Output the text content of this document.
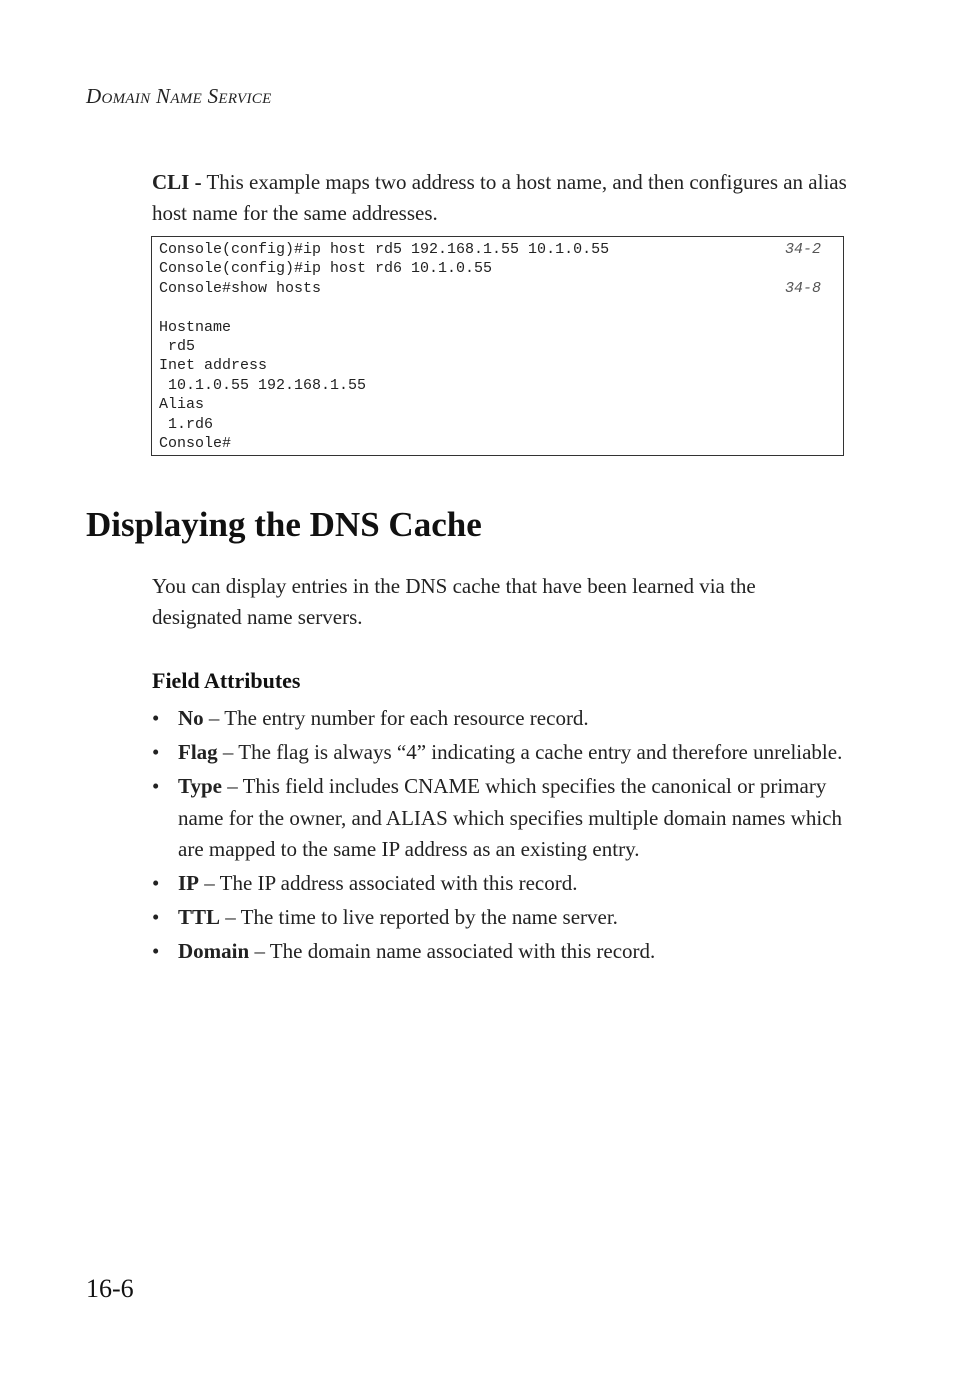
Domain Name Service

CLI - This example maps two address to a host name, and then configures an alias host name for the same addresses.

Console(config)#ip host rd5 192.168.1.55 10.1.0.55	34-2
Console(config)#ip host rd6 10.1.0.55
Console#show hosts	34-8
Hostname
rd5
Inet address
10.1.0.55 192.168.1.55
Alias
1.rd6
Console#
Displaying the DNS Cache

You can display entries in the DNS cache that have been learned via the designated name servers.

Field Attributes
• No – The entry number for each resource record.
• Flag – The flag is always “4” indicating a cache entry and therefore unreliable.
• Type – This field includes CNAME which specifies the canonical or primary name for the owner, and ALIAS which specifies multiple domain names which are mapped to the same IP address as an existing entry.
• IP – The IP address associated with this record.
• TTL – The time to live reported by the name server.
• Domain – The domain name associated with this record.
16-6
